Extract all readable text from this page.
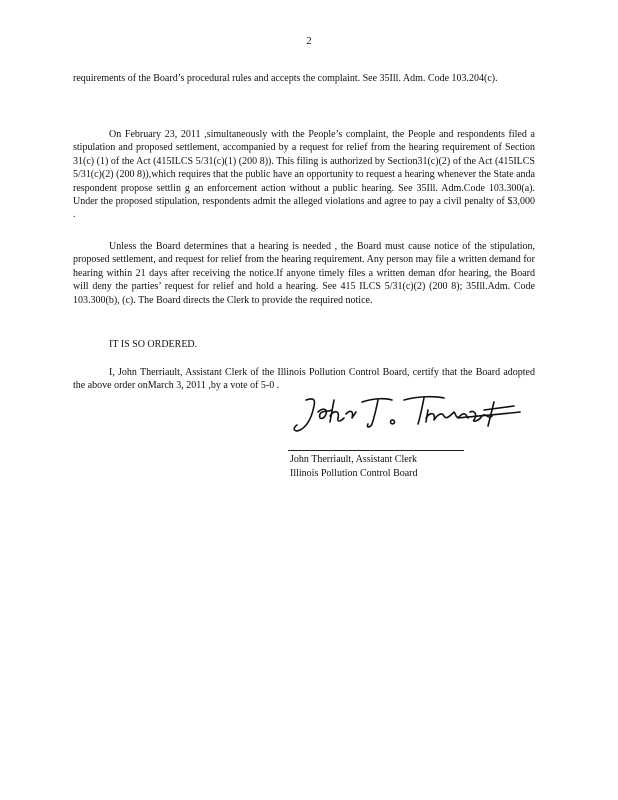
2

requirements of the Board’s procedural rules and accepts the complaint. See 35Ill. Adm. Code 103.204(c).

On February 23, 2011 ,simultaneously with the People’s complaint, the People and respondents filed a stipulation and proposed settlement, accompanied by a request for relief from the hearing requirement of Section 31(c) (1) of the Act (415ILCS 5/31(c)(1) (200 8)). This filing is authorized by Section31(c)(2) of the Act (415ILCS 5/31(c)(2) (200 8)),which requires that the public have an opportunity to request a hearing whenever the State anda respondent propose settlin g an enforcement action without a public hearing. See 35Ill. Adm.Code 103.300(a). Under the proposed stipulation, respondents admit the alleged violations and agree to pay a civil penalty of $3,000 .

Unless the Board determines that a hearing is needed , the Board must cause notice of the stipulation, proposed settlement, and request for relief from the hearing requirement. Any person may file a written demand for hearing within 21 days after receiving the notice.If anyone timely files a written deman dfor hearing, the Board will deny the parties’ request for relief and hold a hearing. See 415 ILCS 5/31(c)(2) (200 8); 35Ill.Adm. Code 103.300(b), (c). The Board directs the Clerk to provide the required notice.

IT IS SO ORDERED.

I, John Therriault, Assistant Clerk of the Illinois Pollution Control Board, certify that the Board adopted the above order onMarch 3, 2011 ,by a vote of 5-0 .

John Therriault, Assistant Clerk
Illinois Pollution Control Board
